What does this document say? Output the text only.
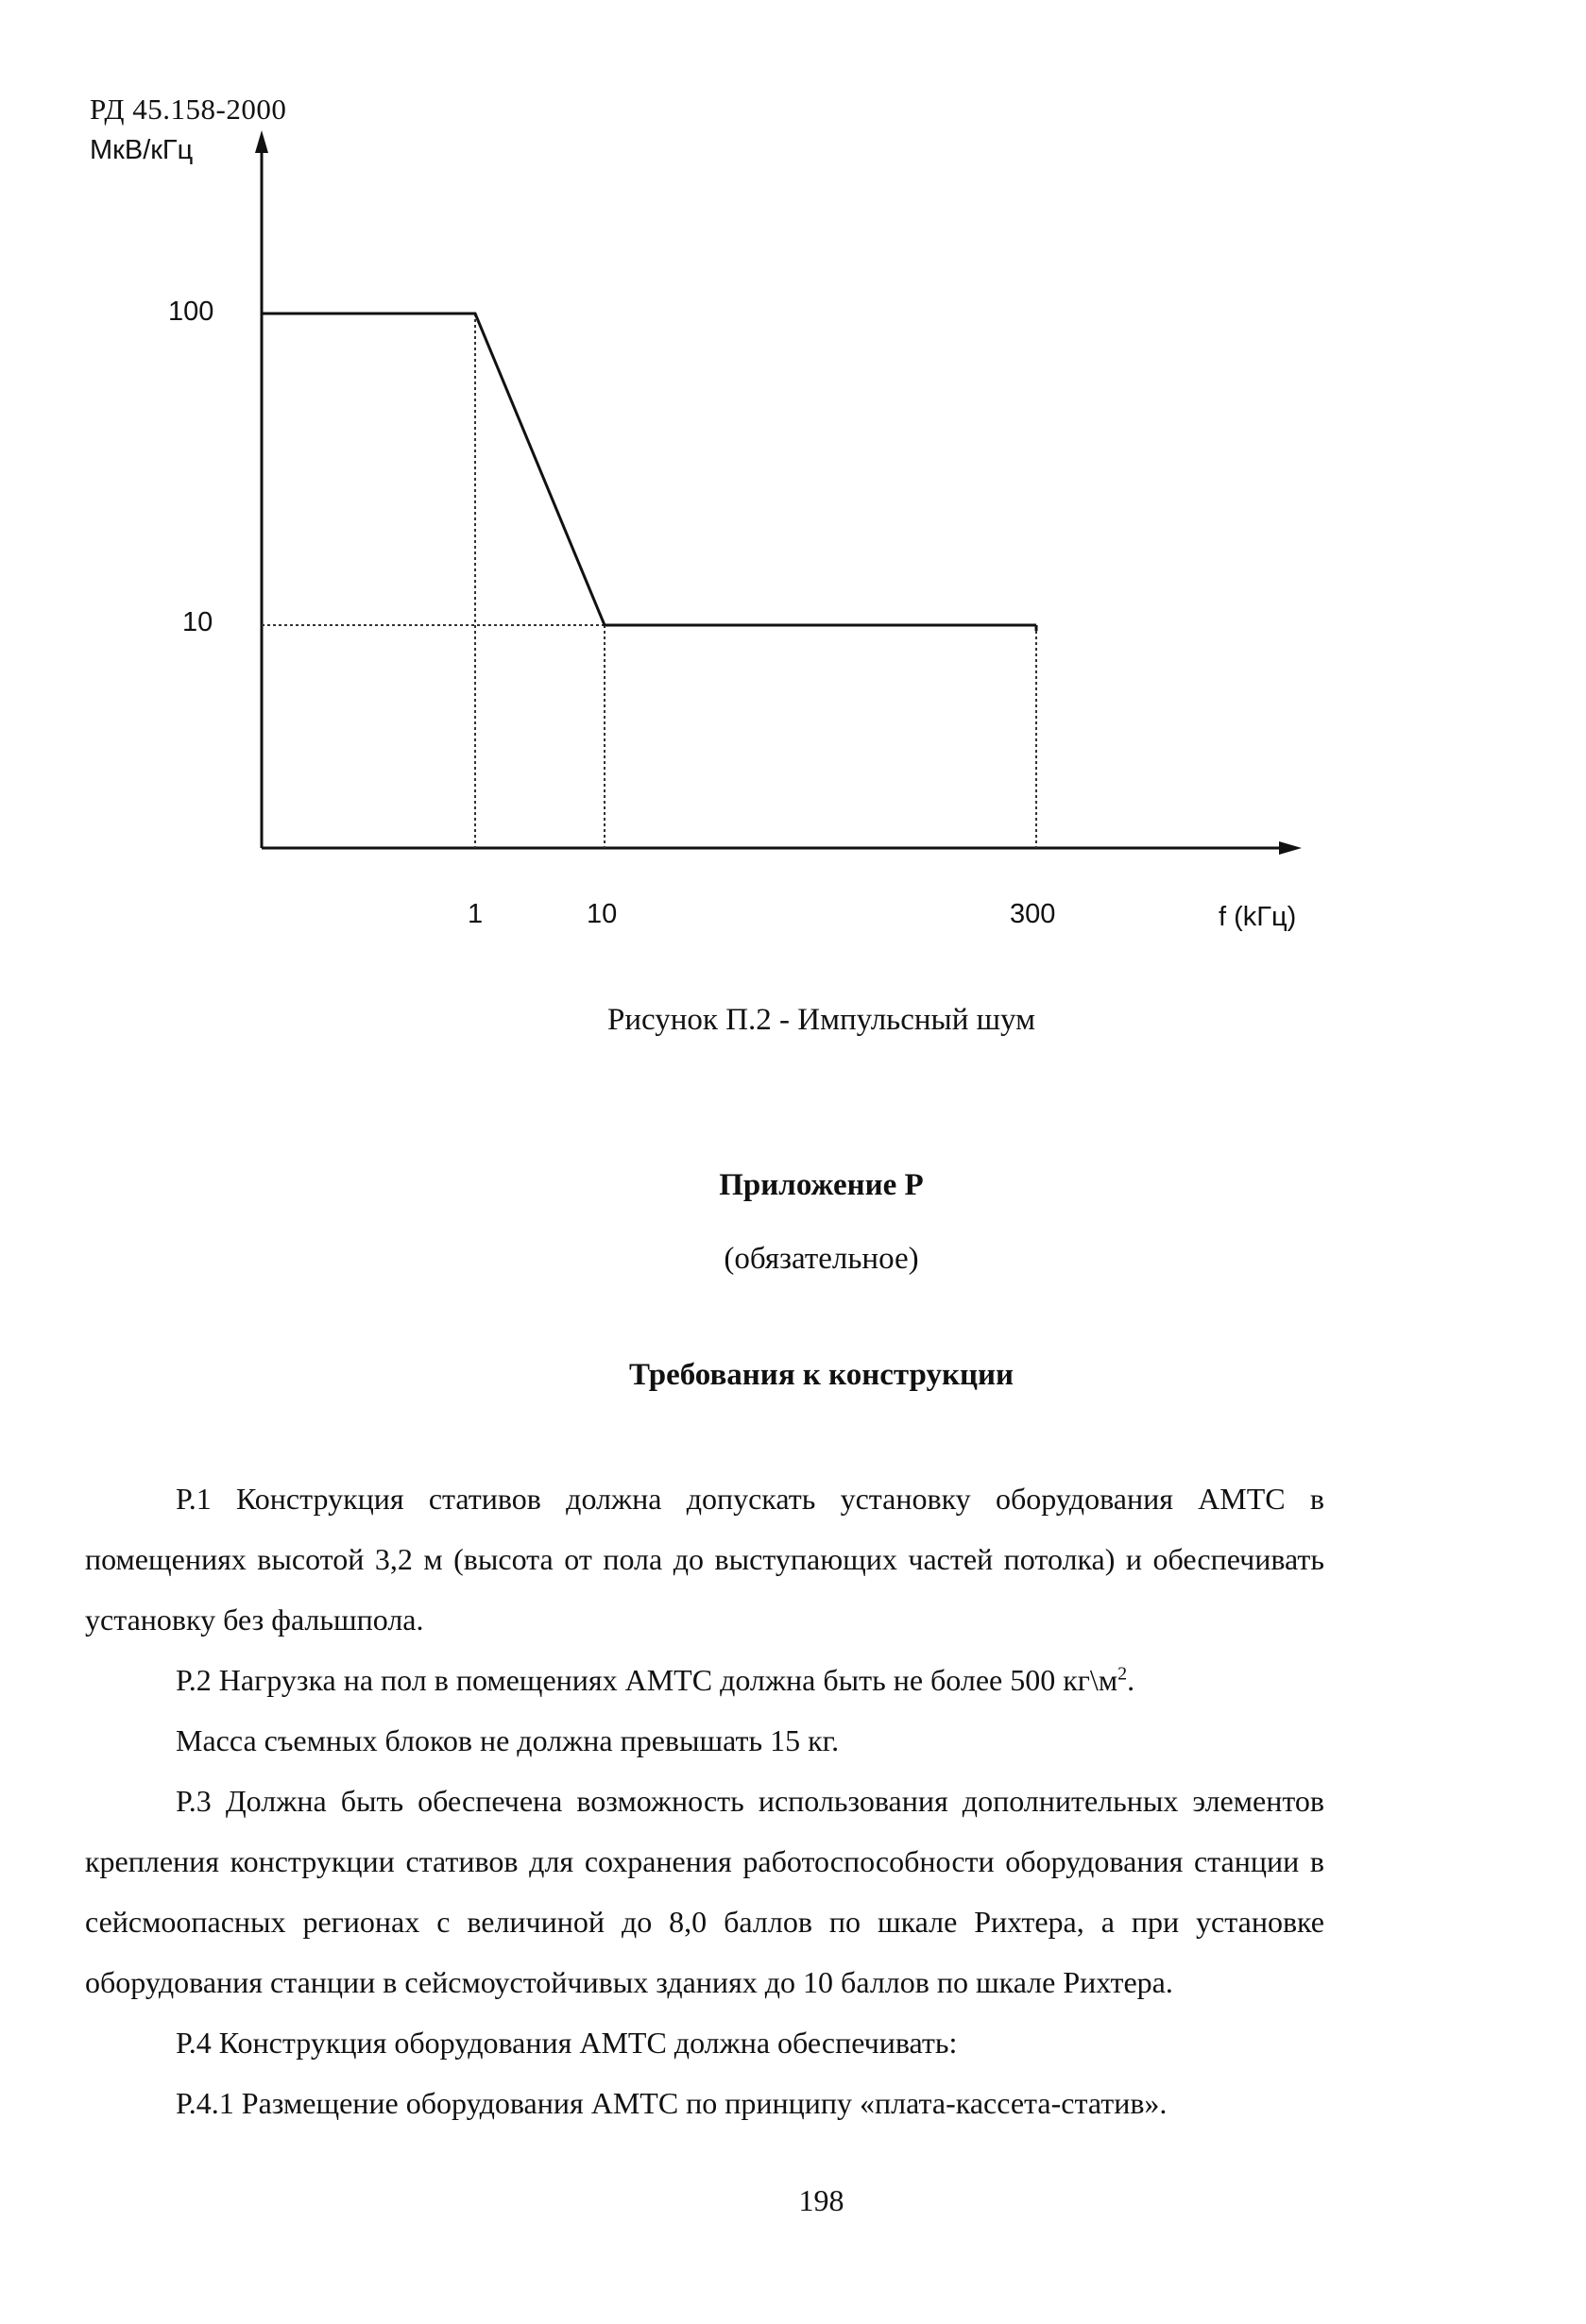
РД 45.158-2000
МкВ/кГц
f (kГц)
100
10
1	10	300
Рисунок П.2 - Импульсный шум
Приложение Р
(обязательное)
Требования к конструкции

Р.1 Конструкция стативов должна допускать установку оборудования АМТС в помещениях высотой 3,2 м (высота от пола до выступающих частей потолка) и обеспечивать установку без фальшпола.

Р.2 Нагрузка на пол в помещениях АМТС должна быть не более 500 $кг\backslash м^2$.

Масса съемных блоков не должна превышать 15 кг.

Р.3 Должна быть обеспечена возможность использования дополнительных элементов крепления конструкции стативов для сохранения работоспособности оборудования станции в сейсмоопасных регионах с величиной до 8,0 баллов по шкале Рихтера, а при установке оборудования станции в сейсмоустойчивых зданиях до 10 баллов по шкале Рихтера.

Р.4 Конструкция оборудования АМТС должна обеспечивать:

Р.4.1 Размещение оборудования АМТС по принципу «плата-кассета-статив».

198
